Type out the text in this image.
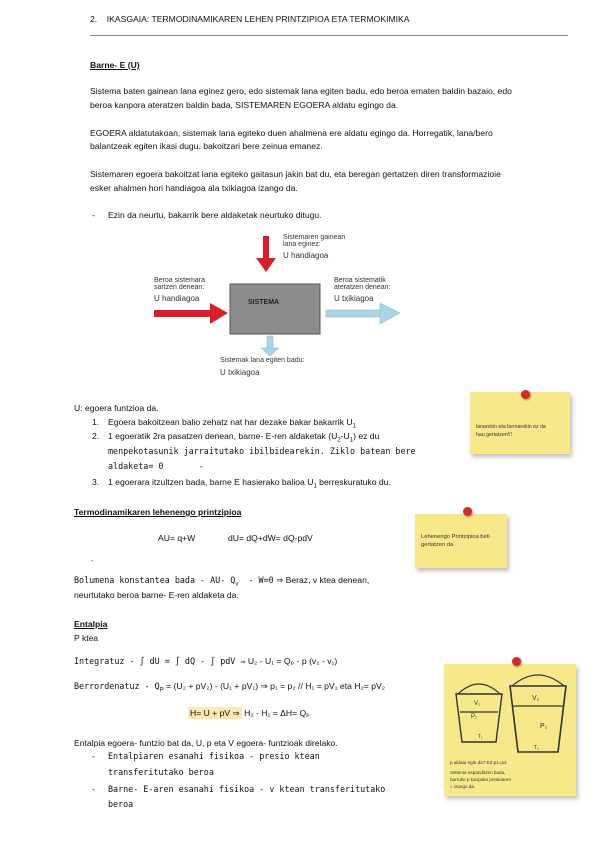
2. IKASGAIA: TERMODINAMIKAREN LEHEN PRINTZIPIOA ETA TERMOKIMIKA
Barne- E (U)
Sistema baten gainean lana eginez gero, edo sistemak lana egiten badu, edo beroa ematen baldin bazaio, edo
beroa kanpora ateratzen baldin bada, SISTEMAREN EGOERA aldatu egingo da.
EGOERA aldatutakoan, sistemak lana egiteko duen ahalmena ere aldatu egingo da. Horregatik, lana/bero
balantzeak egiten ikasi dugu. bakoitzari bere zeinua emanez.
Sistemaren egoera bakoitzat lana egiteko gaitasun jakin bat du, eta beregan gertatzen diren transformazioie
esker ahalmen hori handiagoa ala txikiagoa izango da.
- Ezin da neurtu, bakarrik bere aldaketak neurtuko ditugu.
Sistemaren gainean
lana eginez:
U handiagoa
Beroa sistemara
sartzen denean:
U handiagoa
Beroa sistematik
ateratzen denean:
U txikiagoa
SISTEMA
Sistemak lana egiten badu:
U txikiagoa
U: egoera funtzioa da.
1. Egoera bakoitzean balio zehatz nat har dezake bakar bakarrik $U_1$
2. 1 egoeratik 2ra pasatzen denean, barne- E-ren aldaketak $(U_2-U_1)$ ez du
menpekotasunik jarraitutako ibilbidearekin. Ziklo batean bere
aldaketa= 0       -
3. 1 egoerara itzultzen bada, barne E hasierako balioa $U_1$ berreskuratuko du.
lanarekin eta beroarekin ez da
hau gertatzen!!!
Termodinamikaren lehenengo printzipioa
AU= q+W	dU= dQ+dW= dQ-pdV
-
Bolumena konstantea bada - AU- $Q_v - W=0$ ⇒ Beraz, v ktea denean,
neurtutako beroa barne- E-ren aldaketa da.
Lehenengo Printzipioa beti
gertatzen da
Entalpia
P ktea
Integratuz - ∫ dU = ∫ dQ - ∫ pdV ⇒ U₂ - U₁ = Qₚ - p (v₂ - v₁)
Berrordenatuz - $Q_P = (U_2 + pV_2) - (U_1 + pV_1)$ ⇒ p₁ = p₂ // H₁ = pV₁ eta H₂= pV₂
H= U + pV ⇒ H₂ - H₁ = ΔH= Qₚ
Entalpia egoera- funtzio bat da, U, p eta V egoera- funtzioak direlako.
- Entalpiaren esanahi fisikoa - presio ktean
transferitutako beroa
- Barne- E-aren esanahi fisikoa - v ktean transferitutako
beroa
V₁
P₁
T₁
V₂
P₂
T₂
p aldatu egin da? EZ p1=p2
Sistema espanditzen bada,
barruko p kanpoko presioaren
= izango da.
